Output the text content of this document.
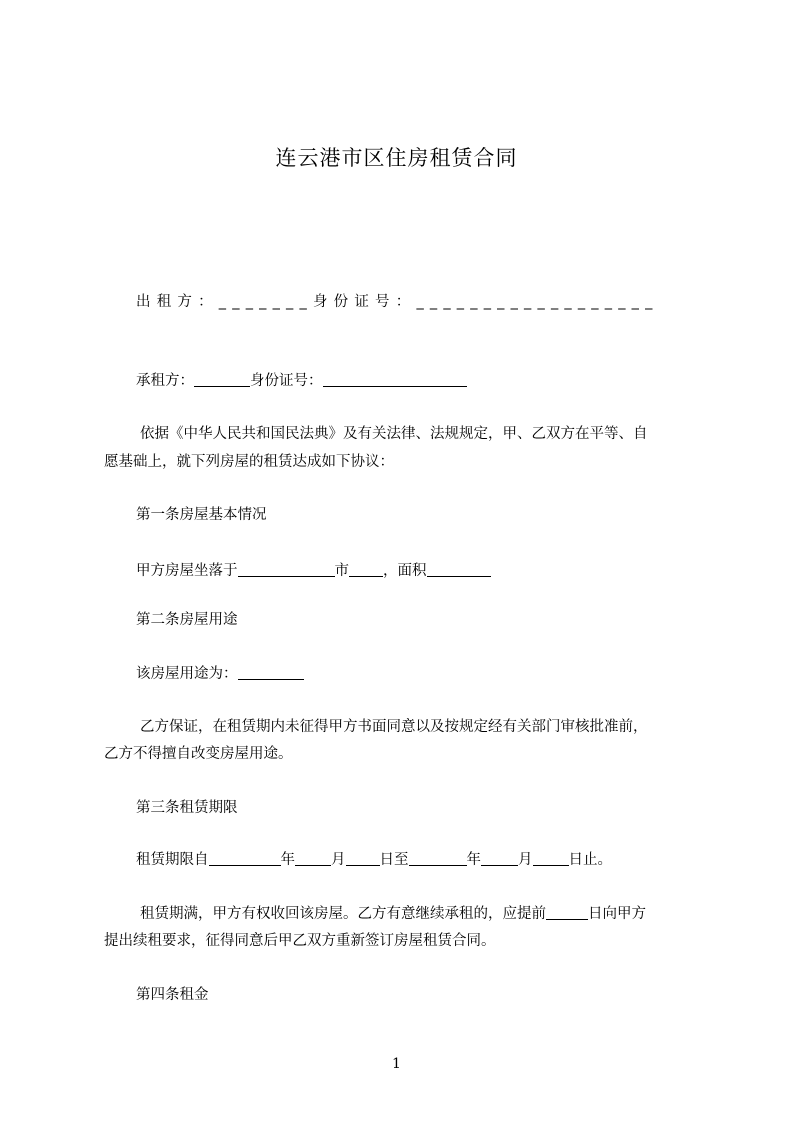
连云港市区住房租赁合同
出租方：_______身份证号：__________________
承租方：	身份证号：
依据《中华人民共和国民法典》及有关法律、法规规定，甲、乙双方在平等、自
愿基础上，就下列房屋的租赁达成如下协议：
第一条房屋基本情况
甲方房屋坐落于	市 ，面积
第二条房屋用途
该房屋用途为：
乙方保证，在租赁期内未征得甲方书面同意以及按规定经有关部门审核批准前，
乙方不得擅自改变房屋用途。
第三条租赁期限
租赁期限自	年 月 日至	年	月 日止。
租赁期满，甲方有权收回该房屋。乙方有意继续承租的，应提前	日向甲方
提出续租要求，征得同意后甲乙双方重新签订房屋租赁合同。
第四条租金
1
